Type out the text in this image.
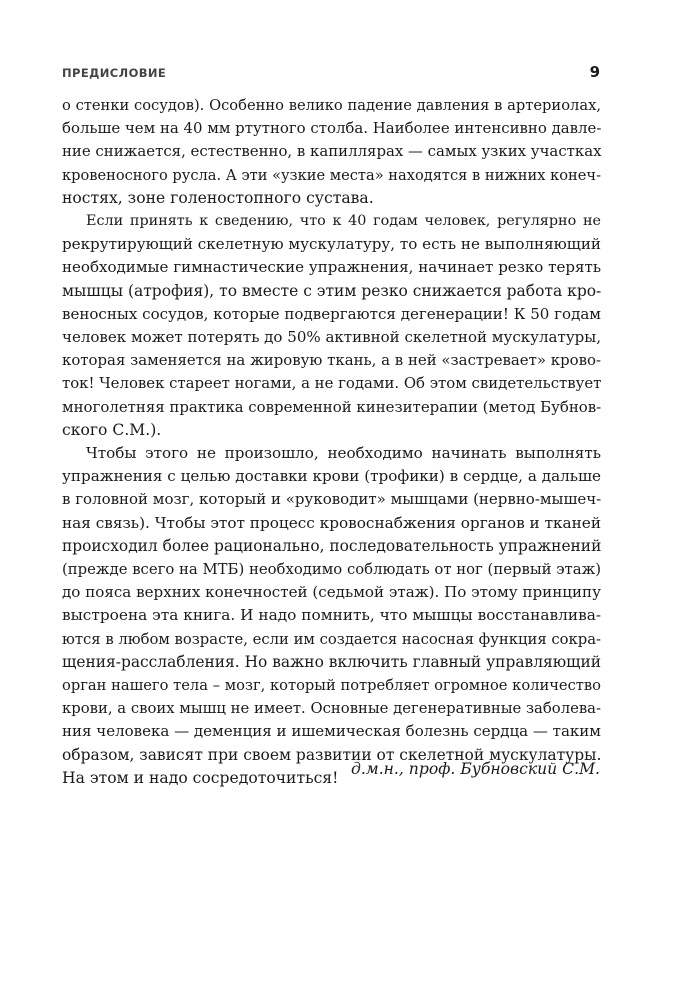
ПРЕДИСЛОВИЕ	9
о стенки сосудов). Особенно велико падение давления в артериолах,
больше чем на 40 мм ртутного столба. Наиболее интенсивно давле-
ние снижается, естественно, в капиллярах — самых узких участках
кровеносного русла. А эти «узкие места» находятся в нижних конеч-
ностях, зоне голеностопного сустава.
Если принять к сведению, что к 40 годам человек, регулярно не
рекрутирующий скелетную мускулатуру, то есть не выполняющий
необходимые гимнастические упражнения, начинает резко терять
мышцы (атрофия), то вместе с этим резко снижается работа кро-
веносных сосудов, которые подвергаются дегенерации! К 50 годам
человек может потерять до 50% активной скелетной мускулатуры,
которая заменяется на жировую ткань, а в ней «застревает» крово-
ток! Человек стареет ногами, а не годами. Об этом свидетельствует
многолетняя практика современной кинезитерапии (метод Бубнов-
ского С.М.).
Чтобы этого не произошло, необходимо начинать выполнять
упражнения с целью доставки крови (трофики) в сердце, а дальше
в головной мозг, который и «руководит» мышцами (нервно-мышеч-
ная связь). Чтобы этот процесс кровоснабжения органов и тканей
происходил более рационально, последовательность упражнений
(прежде всего на МТБ) необходимо соблюдать от ног (первый этаж)
до пояса верхних конечностей (седьмой этаж). По этому принципу
выстроена эта книга. И надо помнить, что мышцы восстанавлива-
ются в любом возрасте, если им создается насосная функция сокра-
щения-расслабления. Но важно включить главный управляющий
орган нашего тела – мозг, который потребляет огромное количество
крови, а своих мышц не имеет. Основные дегенеративные заболева-
ния человека — деменция и ишемическая болезнь сердца — таким
образом, зависят при своем развитии от скелетной мускулатуры.
На этом и надо сосредоточиться! д.м.н., проф. Бубновский С.М.
